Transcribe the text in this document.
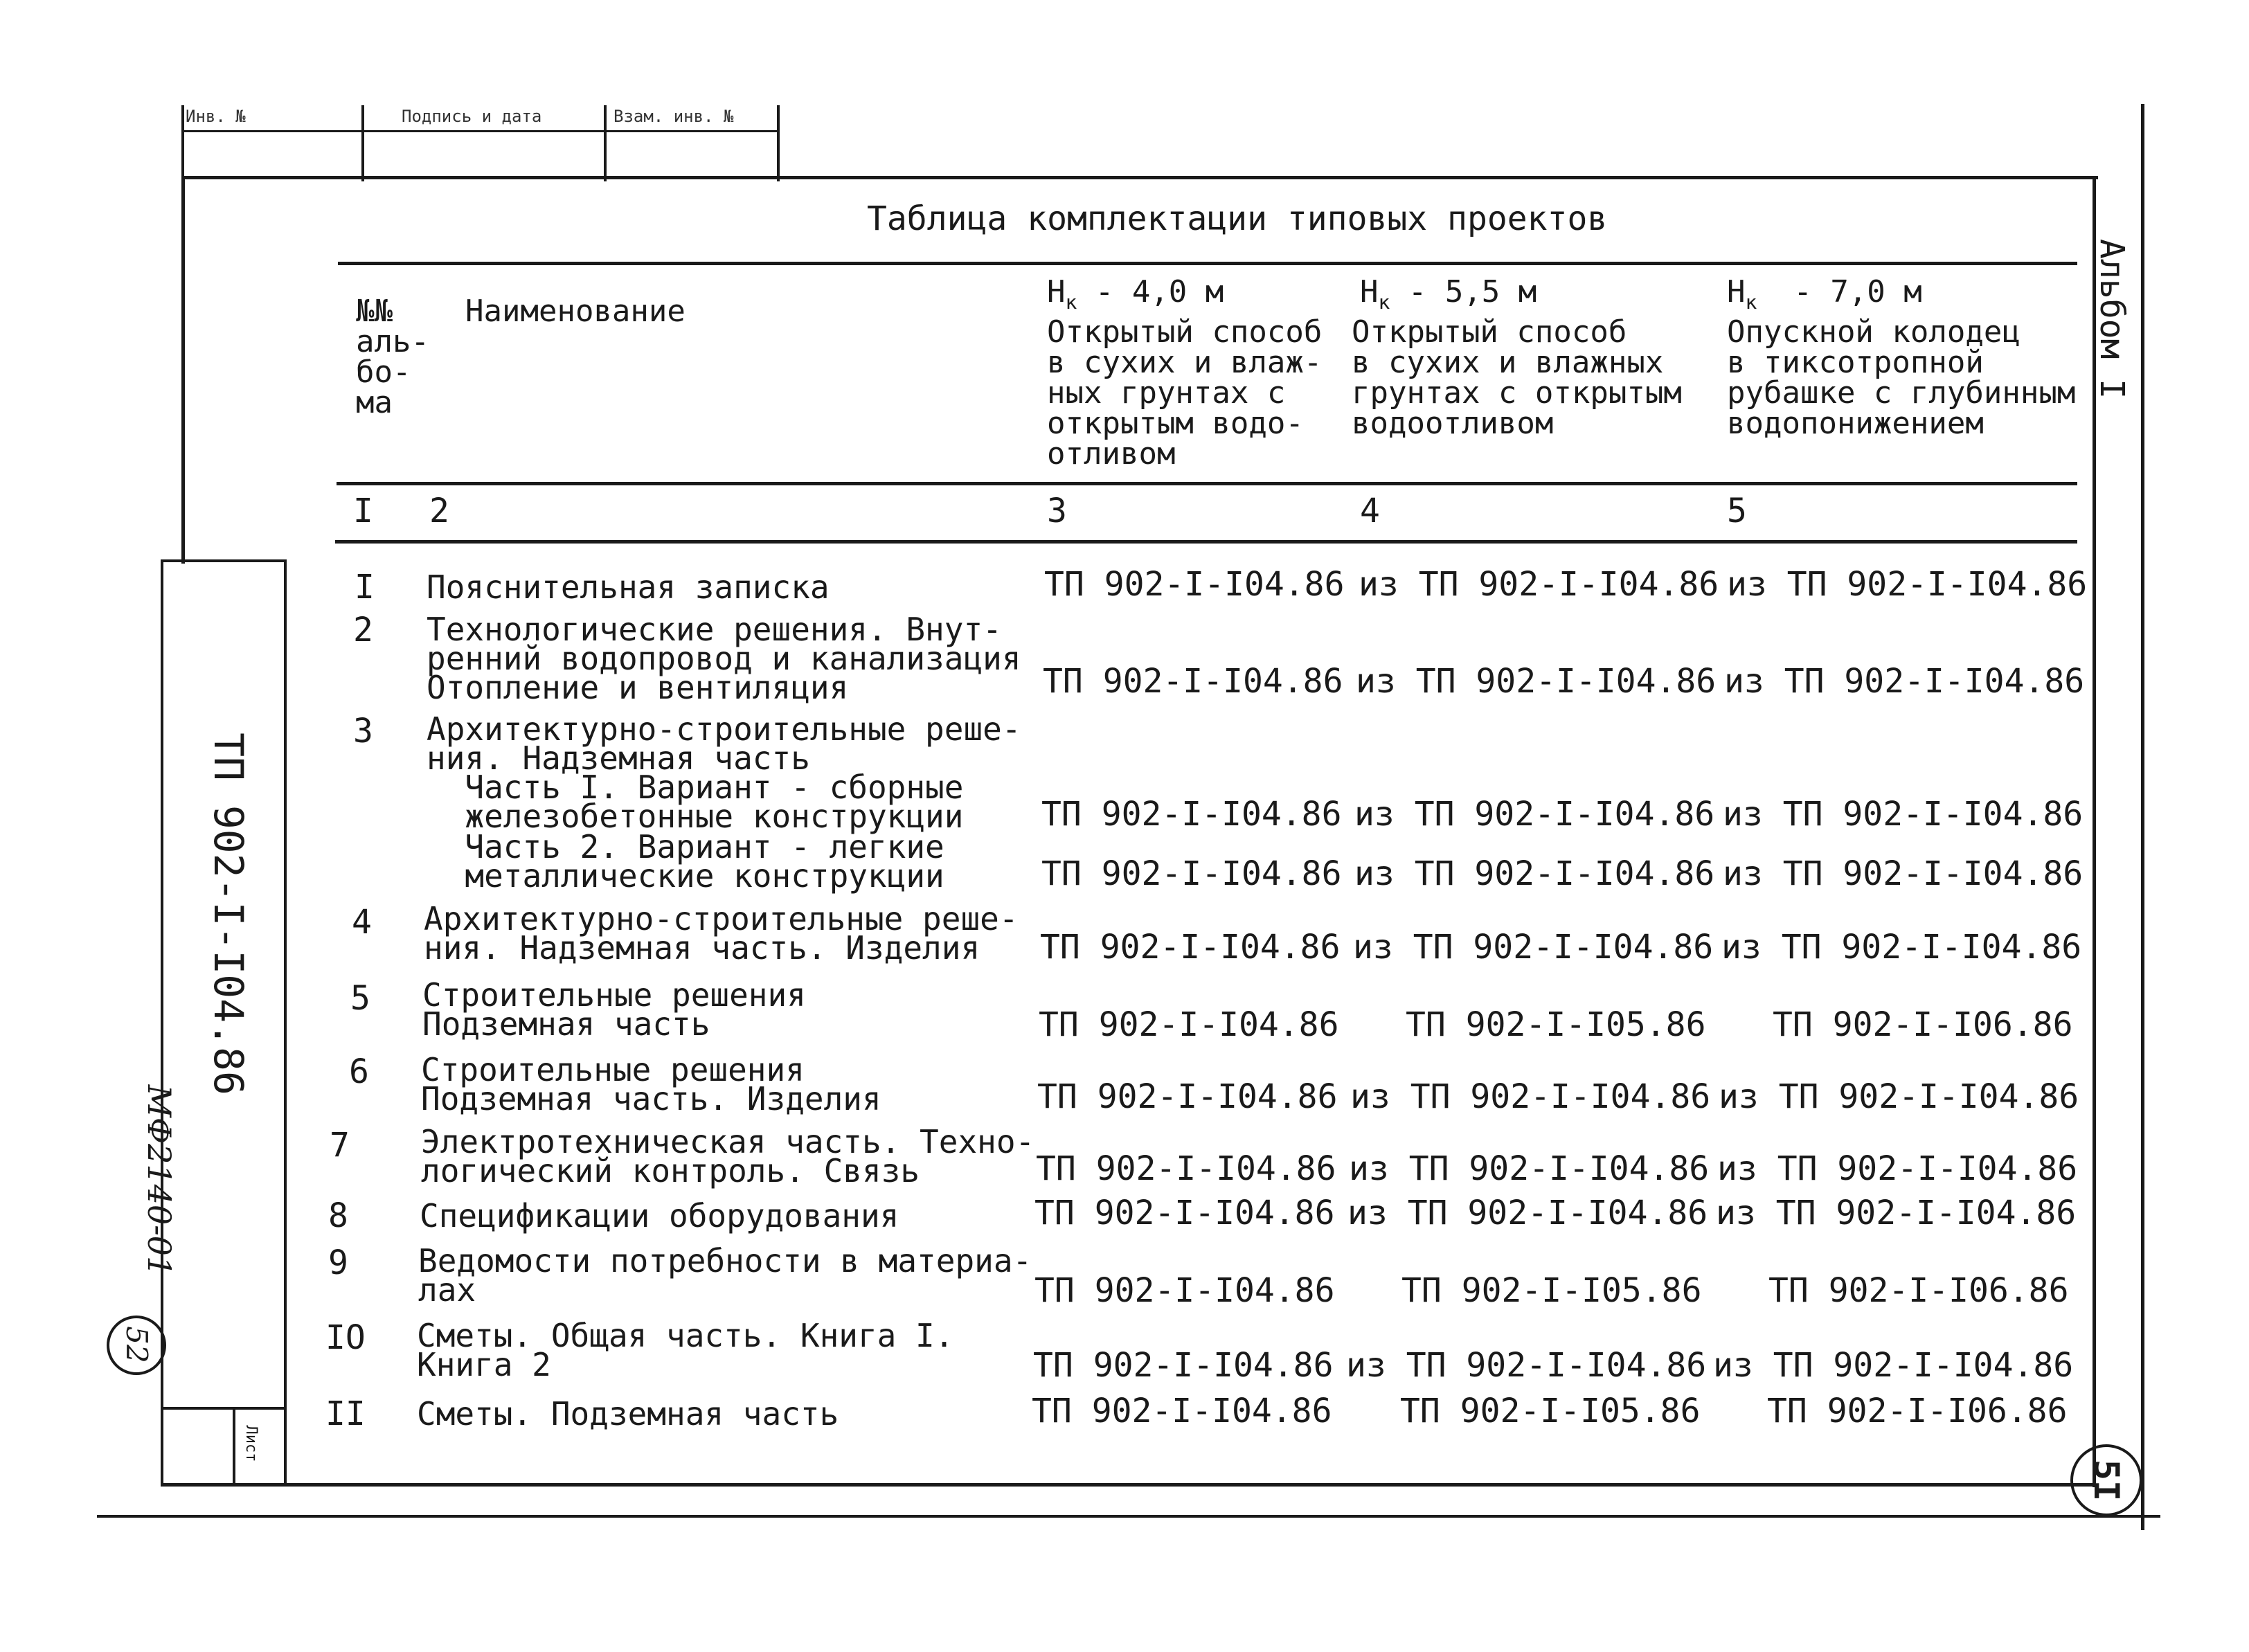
Инв. №	Подпись и дата	Взам. инв. №
ТП 902-I-I04.86
МФ2140-01
52
Лист
Альбом I
5I
Таблица комплектации типовых проектов
№№
аль-
бо-
ма
Наименование
$Н_к - 4,0$ м
Открытый способ
в сухих и влаж-
ных грунтах с
открытым водо-
отливом
$Н_к - 5,5$ м
Открытый способ
в сухих и влажных
грунтах с открытым
водоотливом
$Н_к - 7,0$ м
Опускной колодец
в тиксотропной
рубашке с глубинным
водопонижением
I 2	3	4	5
I Пояснительная записка	ТП 902-I-I04.86 из ТП 902-I-I04.86 из ТП 902-I-I04.86
2 Технологические решения. Внут-
ренний водопровод и канализация
Отопление и вентиляция	ТП 902-I-I04.86 из ТП 902-I-I04.86 из ТП 902-I-I04.86
3 Архитектурно-строительные реше-
ния. Надземная часть
Часть I. Вариант - сборные
железобетонные конструкции ТП 902-I-I04.86 из ТП 902-I-I04.86 из ТП 902-I-I04.86
Часть 2. Вариант - легкие
металлические конструкции	ТП 902-I-I04.86 из ТП 902-I-I04.86 из ТП 902-I-I04.86
4 Архитектурно-строительные реше-
ния. Надземная часть. Изделия	ТП 902-I-I04.86 из ТП 902-I-I04.86 из ТП 902-I-I04.86
5 Строительные решения
Подземная часть	ТП 902-I-I04.86 ТП 902-I-I05.86 ТП 902-I-I06.86
6 Строительные решения
Подземная часть. Изделия	ТП 902-I-I04.86 из ТП 902-I-I04.86 из ТП 902-I-I04.86
7 Электротехническая часть. Техно-
логический контроль. Связь	ТП 902-I-I04.86 из ТП 902-I-I04.86 из ТП 902-I-I04.86
8 Спецификации оборудования	ТП 902-I-I04.86 из ТП 902-I-I04.86 из ТП 902-I-I04.86
9 Ведомости потребности в материа-
лах	ТП 902-I-I04.86 ТП 902-I-I05.86 ТП 902-I-I06.86
IO Сметы. Общая часть. Книга I.
Книга 2	ТП 902-I-I04.86 из ТП 902-I-I04.86 из ТП 902-I-I04.86
II Сметы. Подземная часть	ТП 902-I-I04.86 ТП 902-I-I05.86 ТП 902-I-I06.86
